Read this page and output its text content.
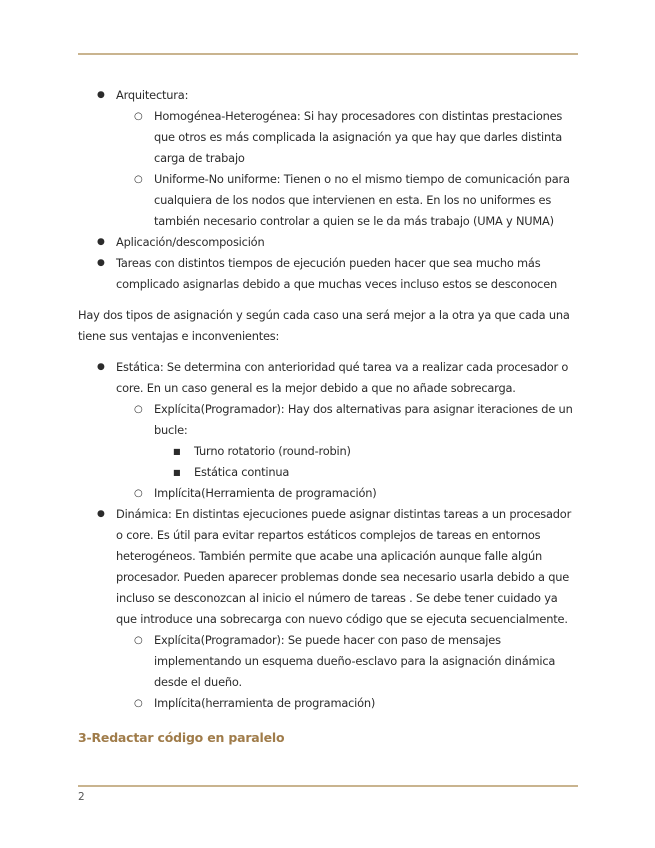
● Arquitectura:
○ Homogénea-Heterogénea: Si hay procesadores con distintas prestaciones que otros es más complicada la asignación ya que hay que darles distinta carga de trabajo
○ Uniforme-No uniforme: Tienen o no el mismo tiempo de comunicación para cualquiera de los nodos que intervienen en esta. En los no uniformes es también necesario controlar a quien se le da más trabajo (UMA y NUMA)
● Aplicación/descomposición
● Tareas con distintos tiempos de ejecución pueden hacer que sea mucho más complicado asignarlas debido a que muchas veces incluso estos se desconocen

Hay dos tipos de asignación y según cada caso una será mejor a la otra ya que cada una tiene sus ventajas e inconvenientes:

● Estática: Se determina con anterioridad qué tarea va a realizar cada procesador o core. En un caso general es la mejor debido a que no añade sobrecarga.
○ Explícita(Programador): Hay dos alternativas para asignar iteraciones de un bucle:
■ Turno rotatorio (round-robin)
■ Estática continua
○ Implícita(Herramienta de programación)
● Dinámica: En distintas ejecuciones puede asignar distintas tareas a un procesador o core. Es útil para evitar repartos estáticos complejos de tareas en entornos heterogéneos. También permite que acabe una aplicación aunque falle algún procesador. Pueden aparecer problemas donde sea necesario usarla debido a que incluso se desconozcan al inicio el número de tareas . Se debe tener cuidado ya que introduce una sobrecarga con nuevo código que se ejecuta secuencialmente.
○ Explícita(Programador): Se puede hacer con paso de mensajes implementando un esquema dueño-esclavo para la asignación dinámica desde el dueño.
○ Implícita(herramienta de programación)
3-Redactar código en paralelo
2
